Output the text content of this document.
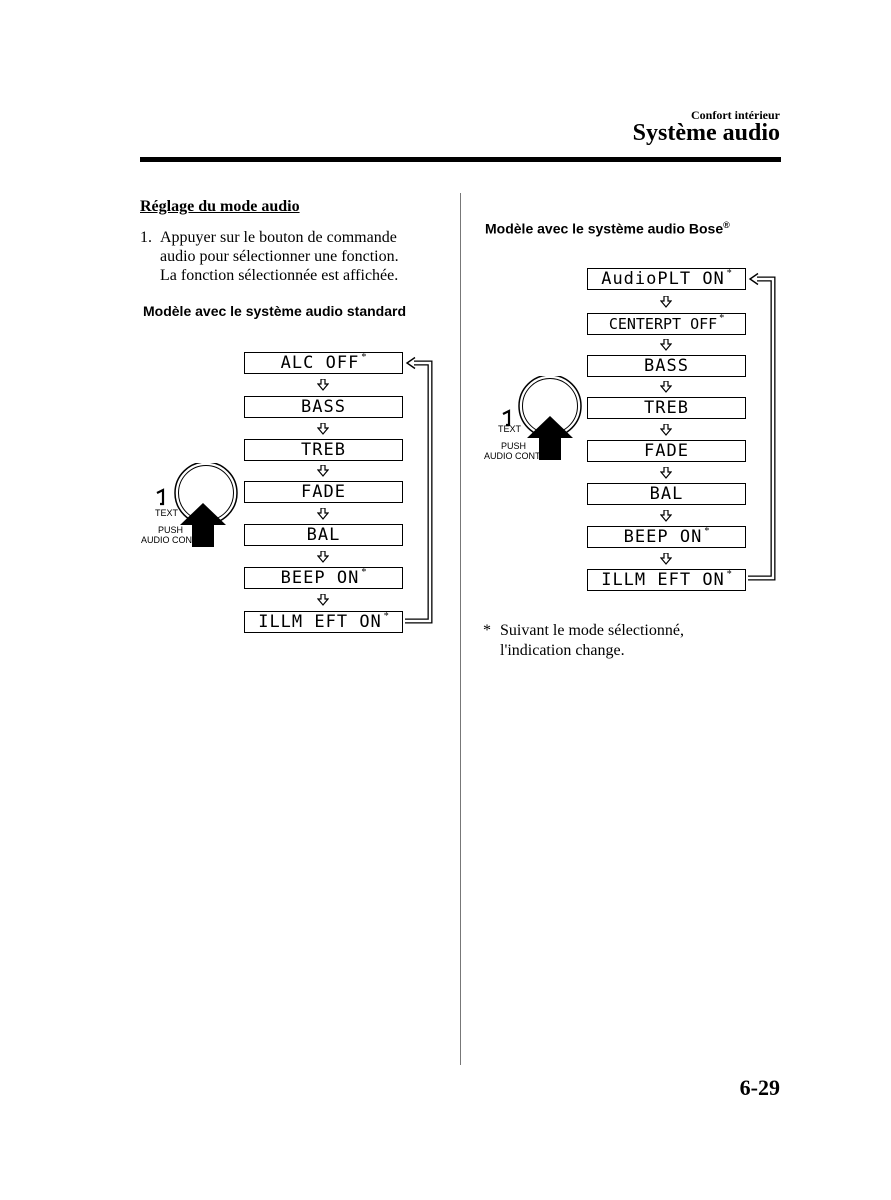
Confort intérieur
Système audio
Réglage du mode audio
1. Appuyer sur le bouton de commande
audio pour sélectionner une fonction.
La fonction sélectionnée est affichée.
Modèle avec le système audio standard
ALC OFF *
BASS
TREB
FADE
BAL
BEEP ON *
ILLM EFT ON *
TEXT
PUSH
AUDIO CONT
Modèle avec le système audio Bose®
AudioPLT ON *
CENTERPT OFF *
BASS
TREB
FADE
BAL
BEEP ON *
ILLM EFT ON *
TEXT
PUSH
AUDIO CONT
* Suivant le mode sélectionné,
l'indication change.
6-29
